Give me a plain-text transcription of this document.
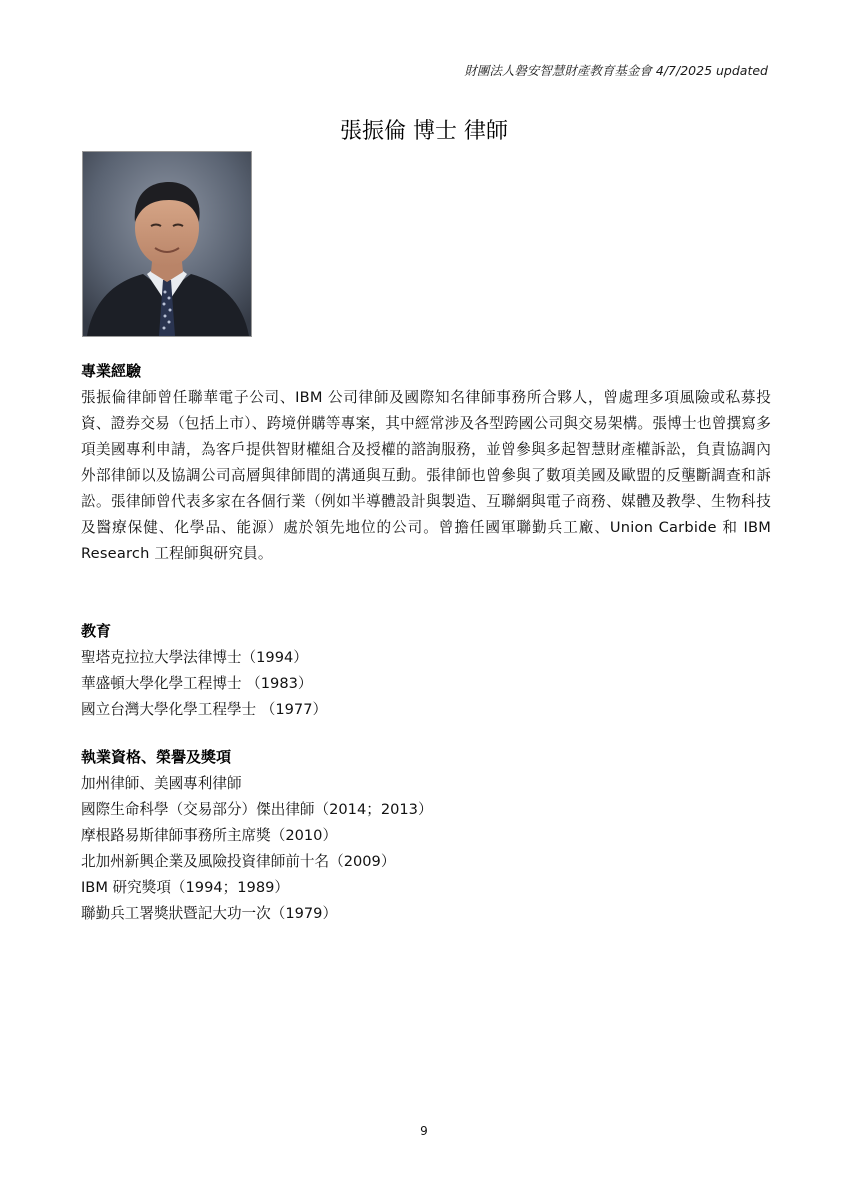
財團法人磐安智慧財產教育基金會 4/7/2025 updated
張振倫 博士 律師
專業經驗

張振倫律師曾任聯華電子公司、IBM 公司律師及國際知名律師事務所合夥人，曾處理多項風險或私募投資、證券交易（包括上市）、跨境併購等專案，其中經常涉及各型跨國公司與交易架構。張博士也曾撰寫多項美國專利申請，為客戶提供智財權組合及授權的諮詢服務，並曾參與多起智慧財產權訴訟，負責協調內外部律師以及協調公司高層與律師間的溝通與互動。張律師也曾參與了數項美國及歐盟的反壟斷調查和訴訟。張律師曾代表多家在各個行業（例如半導體設計與製造、互聯網與電子商務、媒體及教學、生物科技及醫療保健、化學品、能源）處於領先地位的公司。曾擔任國軍聯勤兵工廠、Union Carbide 和 IBM Research 工程師與研究員。

教育
聖塔克拉拉大學法律博士（1994）
華盛頓大學化學工程博士 （1983）
國立台灣大學化學工程學士 （1977）
執業資格、榮譽及獎項
加州律師、美國專利律師
國際生命科學（交易部分）傑出律師（2014；2013）
摩根路易斯律師事務所主席獎（2010）
北加州新興企業及風險投資律師前十名（2009）
IBM 研究獎項（1994；1989）
聯勤兵工署獎狀暨記大功一次（1979）
9
